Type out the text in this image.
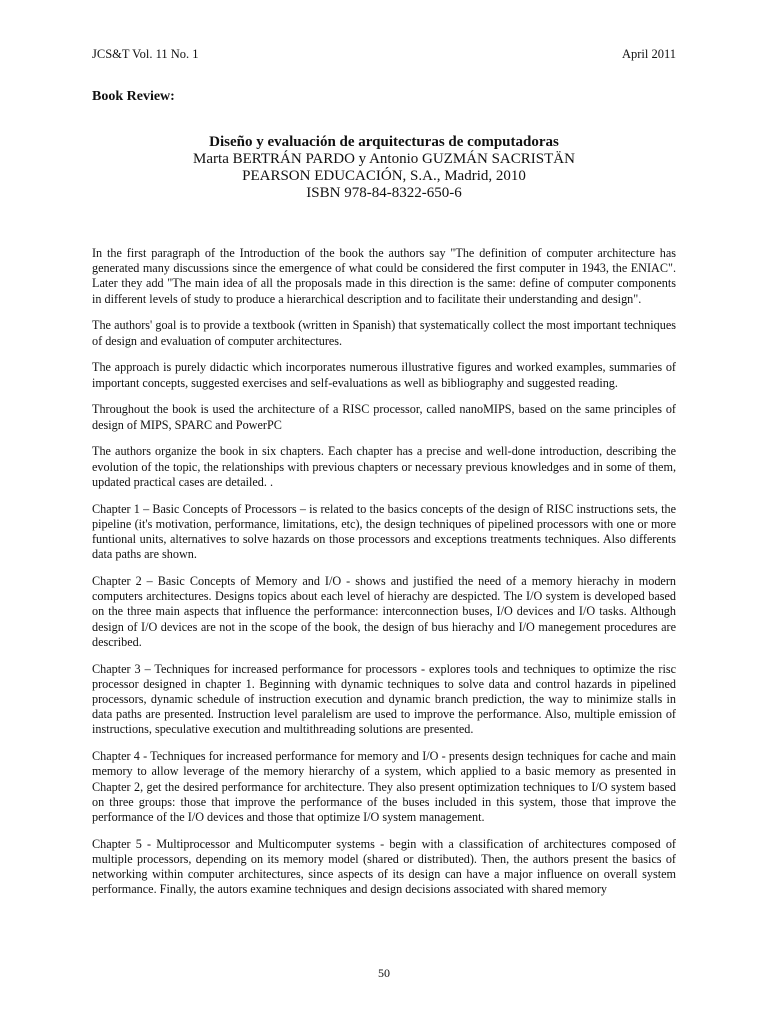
JCS&T Vol. 11 No. 1	April 2011
Book Review:
Diseño y evaluación de arquitecturas de computadoras
Marta BERTRÁN PARDO y Antonio GUZMÁN SACRISTÄN
PEARSON EDUCACIÓN, S.A., Madrid, 2010
ISBN 978-84-8322-650-6

In the first paragraph of the Introduction of the book the authors say "The definition of computer architecture has generated many discussions since the emergence of what could be considered the first computer in 1943, the ENIAC". Later they add "The main idea of all the proposals made in this direction is the same: define of computer components in different levels of study to produce a hierarchical description and to facilitate their understanding and design".

The authors' goal is to provide a textbook (written in Spanish) that systematically collect the most important techniques of design and evaluation of computer architectures.

The approach is purely didactic which incorporates numerous illustrative figures and worked examples, summaries of important concepts, suggested exercises and self-evaluations as well as bibliography and suggested reading.

Throughout the book is used the architecture of a RISC processor, called nanoMIPS, based on the same principles of design of MIPS, SPARC and PowerPC

The authors organize the book in six chapters. Each chapter has a precise and well-done introduction, describing the evolution of the topic, the relationships with previous chapters or necessary previous knowledges and in some of them, updated practical cases are detailed. .

Chapter 1 – Basic Concepts of Processors – is related to the basics concepts of the design of RISC instructions sets, the pipeline (it's motivation, performance, limitations, etc), the design techniques of pipelined processors with one or more funtional units, alternatives to solve hazards on those processors and exceptions treatments techniques. Also differents data paths are shown.

Chapter 2 – Basic Concepts of Memory and I/O - shows and justified the need of a memory hierachy in modern computers architectures. Designs topics about each level of hierachy are despicted. The I/O system is developed based on the three main aspects that influence the performance: interconnection buses, I/O devices and I/O tasks. Although design of I/O devices are not in the scope of the book, the design of bus hierachy and I/O manegement procedures are described.

Chapter 3 – Techniques for increased performance for processors - explores tools and techniques to optimize the risc processor designed in chapter 1. Beginning with dynamic techniques to solve data and control hazards in pipelined processors, dynamic schedule of instruction execution and dynamic branch prediction, the way to minimize stalls in data paths are presented. Instruction level paralelism are used to improve the performance. Also, multiple emission of instructions, speculative execution and multithreading solutions are presented.

Chapter 4 - Techniques for increased performance for memory and I/O - presents design techniques for cache and main memory to allow leverage of the memory hierarchy of a system, which applied to a basic memory as presented in Chapter 2, get the desired performance for architecture. They also present optimization techniques to I/O system based on three groups: those that improve the performance of the buses included in this system, those that improve the performance of the I/O devices and those that optimize I/O system management.

Chapter 5 - Multiprocessor and Multicomputer systems - begin with a classification of architectures composed of multiple processors, depending on its memory model (shared or distributed). Then, the authors present the basics of networking within computer architectures, since aspects of its design can have a major influence on overall system performance. Finally, the autors examine techniques and design decisions associated with shared memory

50
